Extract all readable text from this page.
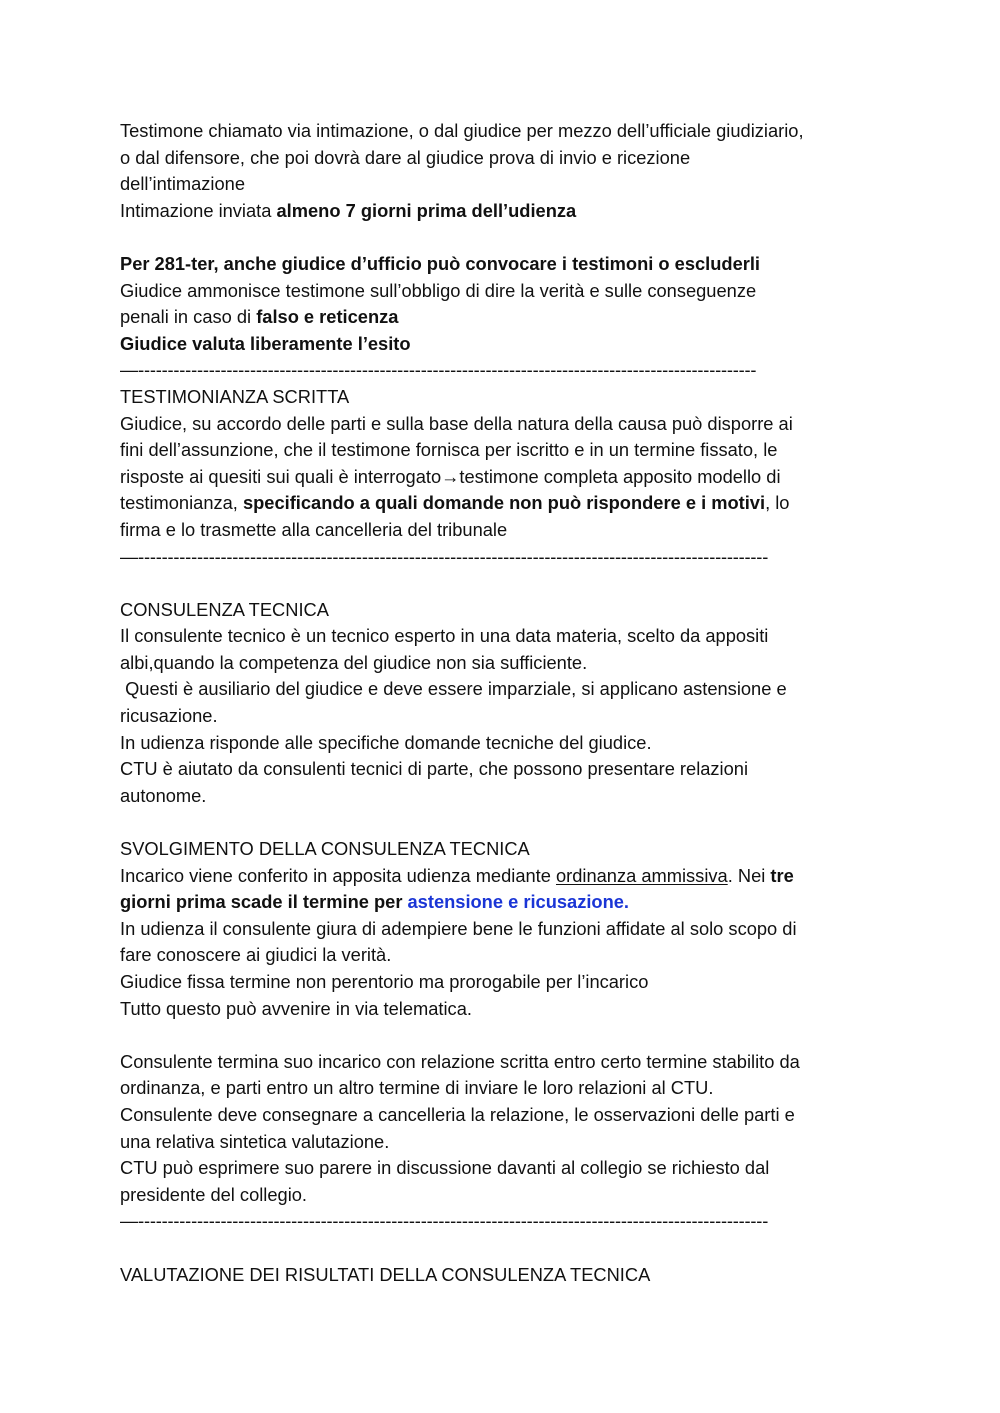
Testimone chiamato via intimazione, o dal giudice per mezzo dell’ufficiale giudiziario,
o dal difensore, che poi dovrà dare al giudice prova di invio e ricezione
dell’intimazione
Intimazione inviata almeno 7 giorni prima dell’udienza
Per 281-ter, anche giudice d’ufficio può convocare i testimoni o escluderli
Giudice ammonisce testimone sull’obbligo di dire la verità e sulle conseguenze
penali in caso di falso e reticenza
Giudice valuta liberamente l’esito
—---------------------------------------------------------------------------------------------------------
TESTIMONIANZA SCRITTA
Giudice, su accordo delle parti e sulla base della natura della causa può disporre ai
fini dell’assunzione, che il testimone fornisca per iscritto e in un termine fissato, le
risposte ai quesiti sui quali è interrogato→testimone completa apposito modello di
testimonianza, specificando a quali domande non può rispondere e i motivi, lo
firma e lo trasmette alla cancelleria del tribunale
—-----------------------------------------------------------------------------------------------------------
CONSULENZA TECNICA
Il consulente tecnico è un tecnico esperto in una data materia, scelto da appositi
albi,quando la competenza del giudice non sia sufficiente.
Questi è ausiliario del giudice e deve essere imparziale, si applicano astensione e
ricusazione.
In udienza risponde alle specifiche domande tecniche del giudice.
CTU è aiutato da consulenti tecnici di parte, che possono presentare relazioni
autonome.
SVOLGIMENTO DELLA CONSULENZA TECNICA
Incarico viene conferito in apposita udienza mediante ordinanza ammissiva. Nei tre
giorni prima scade il termine per astensione e ricusazione.
In udienza il consulente giura di adempiere bene le funzioni affidate al solo scopo di
fare conoscere ai giudici la verità.
Giudice fissa termine non perentorio ma prorogabile per l’incarico
Tutto questo può avvenire in via telematica.
Consulente termina suo incarico con relazione scritta entro certo termine stabilito da
ordinanza, e parti entro un altro termine di inviare le loro relazioni al CTU.
Consulente deve consegnare a cancelleria la relazione, le osservazioni delle parti e
una relativa sintetica valutazione.
CTU può esprimere suo parere in discussione davanti al collegio se richiesto dal
presidente del collegio.
—-----------------------------------------------------------------------------------------------------------
VALUTAZIONE DEI RISULTATI DELLA CONSULENZA TECNICA
